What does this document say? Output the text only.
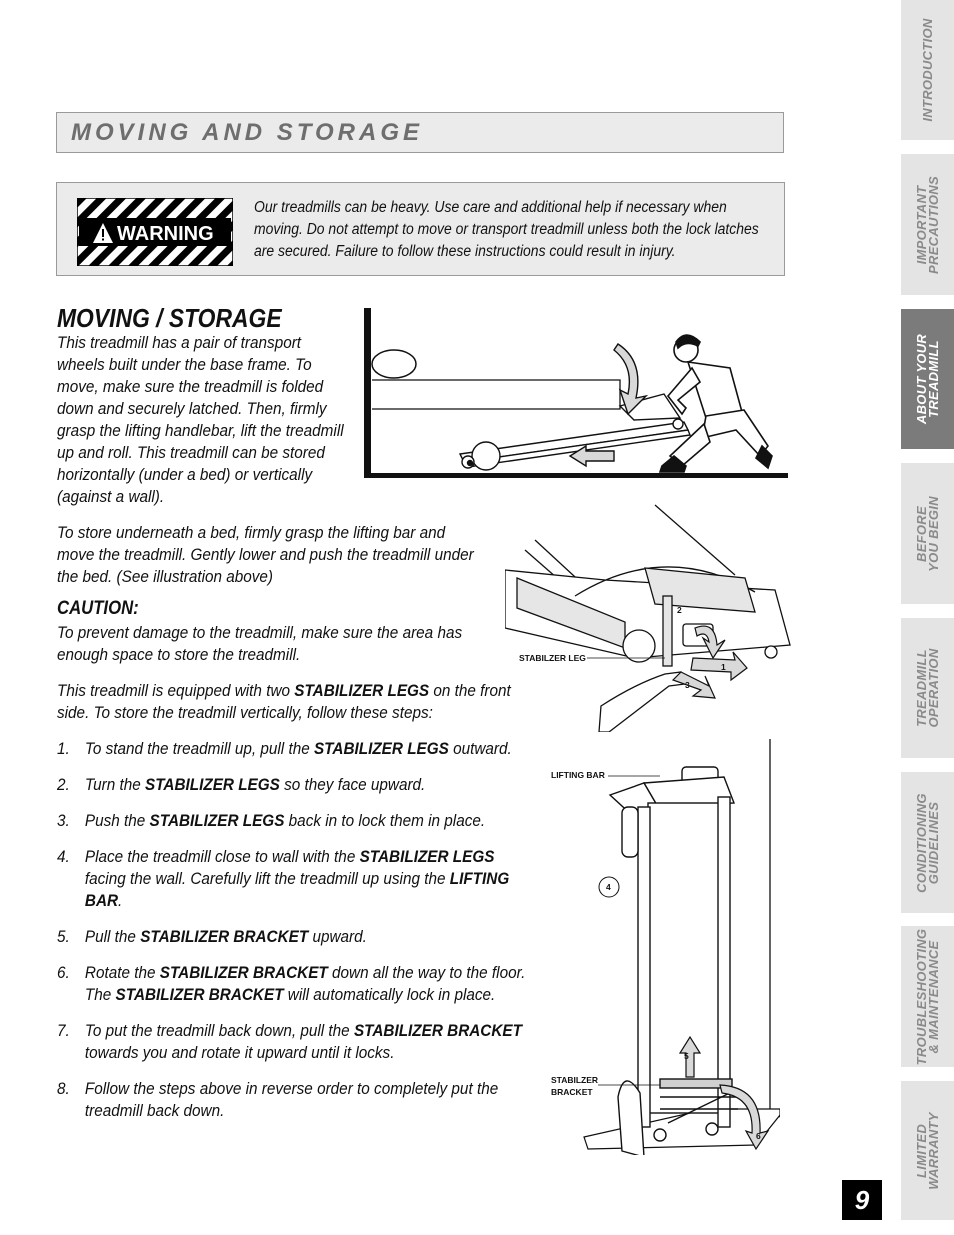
MOVING AND STORAGE
WARNING
Our treadmills can be heavy. Use care and additional help if necessary when moving. Do not attempt to move or transport treadmill unless both the lock latches are secured. Failure to follow these instructions could result in injury.
MOVING / STORAGE
This treadmill has a pair of transport wheels built under the base frame. To move, make sure the treadmill is folded down and securely latched. Then, firmly grasp the lifting handlebar, lift the treadmill up and roll. This treadmill can be stored horizontally (under a bed) or vertically (against a wall).
To store underneath a bed, firmly grasp the lifting bar and move the treadmill. Gently lower and push the treadmill under the bed. (See illustration above)
CAUTION:
To prevent damage to the treadmill, make sure the area has enough space to store the treadmill.
This treadmill is equipped with two STABILIZER LEGS on the front side. To store the treadmill vertically, follow these steps:
1. To stand the treadmill up, pull the STABILIZER LEGS outward.
2. Turn the STABILIZER LEGS so they face upward.
3. Push the STABILIZER LEGS back in to lock them in place.
4. Place the treadmill close to wall with the STABILIZER LEGS facing the wall. Carefully lift the treadmill up using the LIFTING BAR.
5. Pull the STABILIZER BRACKET upward.
6. Rotate the STABILIZER BRACKET down all the way to the floor. The STABILIZER BRACKET will automatically lock in place.
7. To put the treadmill back down, pull the STABILIZER BRACKET towards you and rotate it upward until it locks.
8. Follow the steps above in reverse order to completely put the treadmill back down.
STABILZER LEG
2
1
3
LIFTING BAR
STABILZER
BRACKET
4
5
6
INTRODUCTION
IMPORTANT
PRECAUTIONS
ABOUT YOUR
TREADMILL
BEFORE
YOU BEGIN
TREADMILL
OPERATION
CONDITIONING
GUIDELINES
TROUBLESHOOTING
& MAINTENANCE
LIMITED
WARRANTY
9
